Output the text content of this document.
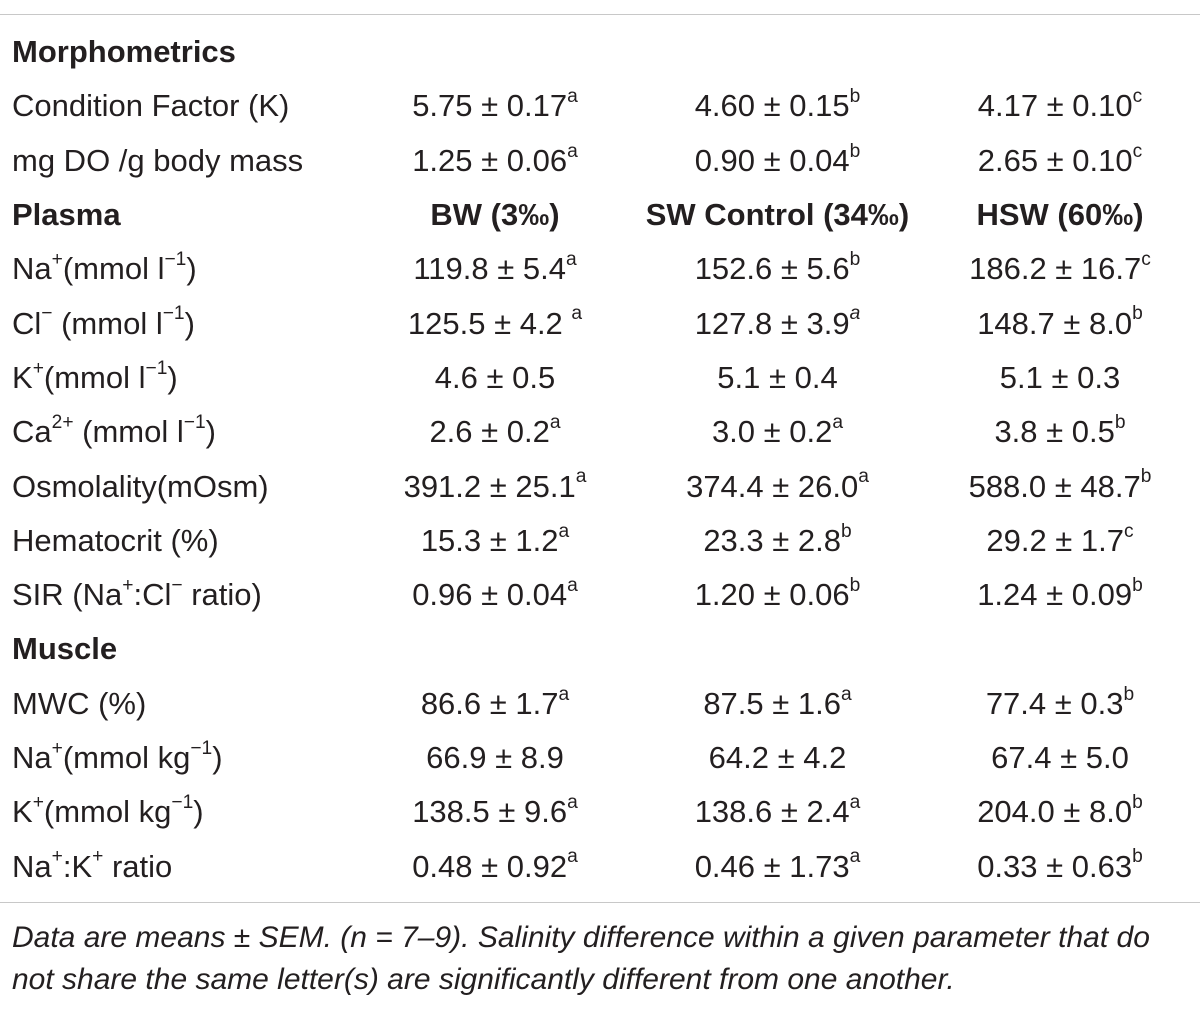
Morphometrics			
Condition Factor (K)	5.75 ± 0.17$^a$	4.60 ± 0.15$^b$	4.17 ± 0.10$^c$
mg DO /g body mass	1.25 ± 0.06$^a$	0.90 ± 0.04$^b$	2.65 ± 0.10$^c$
Plasma	BW (3‰)	SW Control (34‰)	HSW (60‰)
Na+(mmol $l^{-1}$)	119.8 ± 5.4$^a$	152.6 ± 5.6$^b$	186.2 ± 16.7$^c$
Cl− (mmol $l^{-1}$)	125.5 ± 4.2 $^a$	127.8 ± 3.9$^a$	148.7 ± 8.0$^b$
K+(mmol $l^{-1}$)	4.6 ± 0.5	5.1 ± 0.4	5.1 ± 0.3
$Ca^{2+}$ (mmol $l^{-1}$)	2.6 ± 0.2$^a$	3.0 ± 0.2$^a$	3.8 ± 0.5$^b$
Osmolality(mOsm)	391.2 ± 25.1$^a$	374.4 ± 26.0$^a$	588.0 ± 48.7$^b$
Hematocrit (%)	15.3 ± 1.2$^a$	23.3 ± 2.8$^b$	29.2 ± 1.7$^c$
SIR (Na+:Cl− ratio)	0.96 ± 0.04$^a$	1.20 ± 0.06$^b$	1.24 ± 0.09$^b$
Muscle			
MWC (%)	86.6 ± 1.7$^a$	87.5 ± 1.6$^a$	77.4 ± 0.3$^b$
Na+(mmol $kg^{-1}$)	66.9 ± 8.9	64.2 ± 4.2	67.4 ± 5.0
K+(mmol $kg^{-1}$)	138.5 ± 9.6$^a$	138.6 ± 2.4$^a$	204.0 ± 8.0$^b$
Na+:K+ ratio	0.48 ± 0.92$^a$	0.46 ± 1.73$^a$	0.33 ± 0.63$^b$
Data are means ± SEM. (n = 7–9). Salinity difference within a given parameter that do not share the same letter(s) are significantly different from one another.
